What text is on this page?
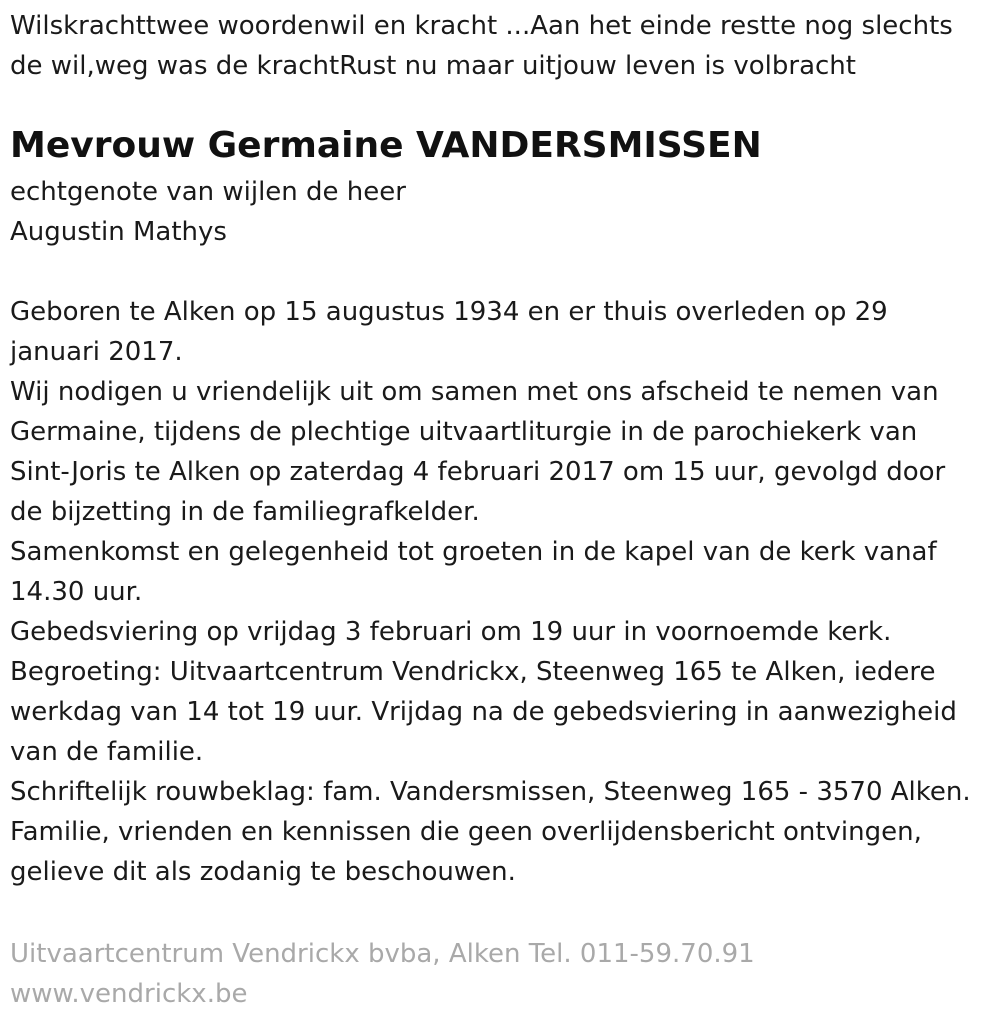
Wilskrachttwee woordenwil en kracht ...Aan het einde restte nog slechts

de wil,weg was de krachtRust nu maar uitjouw leven is volbracht

Mevrouw Germaine VANDERSMISSEN

echtgenote van wijlen de heer

Augustin Mathys

Geboren te Alken op 15 augustus 1934 en er thuis overleden op 29

januari 2017.

Wij nodigen u vriendelijk uit om samen met ons afscheid te nemen van

Germaine, tijdens de plechtige uitvaartliturgie in de parochiekerk van

Sint-Joris te Alken op zaterdag 4 februari 2017 om 15 uur, gevolgd door

de bijzetting in de familiegrafkelder.

Samenkomst en gelegenheid tot groeten in de kapel van de kerk vanaf

14.30 uur.

Gebedsviering op vrijdag 3 februari om 19 uur in voornoemde kerk.

Begroeting: Uitvaartcentrum Vendrickx, Steenweg 165 te Alken, iedere

werkdag van 14 tot 19 uur. Vrijdag na de gebedsviering in aanwezigheid

van de familie.

Schriftelijk rouwbeklag: fam. Vandersmissen, Steenweg 165 - 3570 Alken.

Familie, vrienden en kennissen die geen overlijdensbericht ontvingen,

gelieve dit als zodanig te beschouwen.

Uitvaartcentrum Vendrickx bvba, Alken Tel. 011-59.70.91

www.vendrickx.be
